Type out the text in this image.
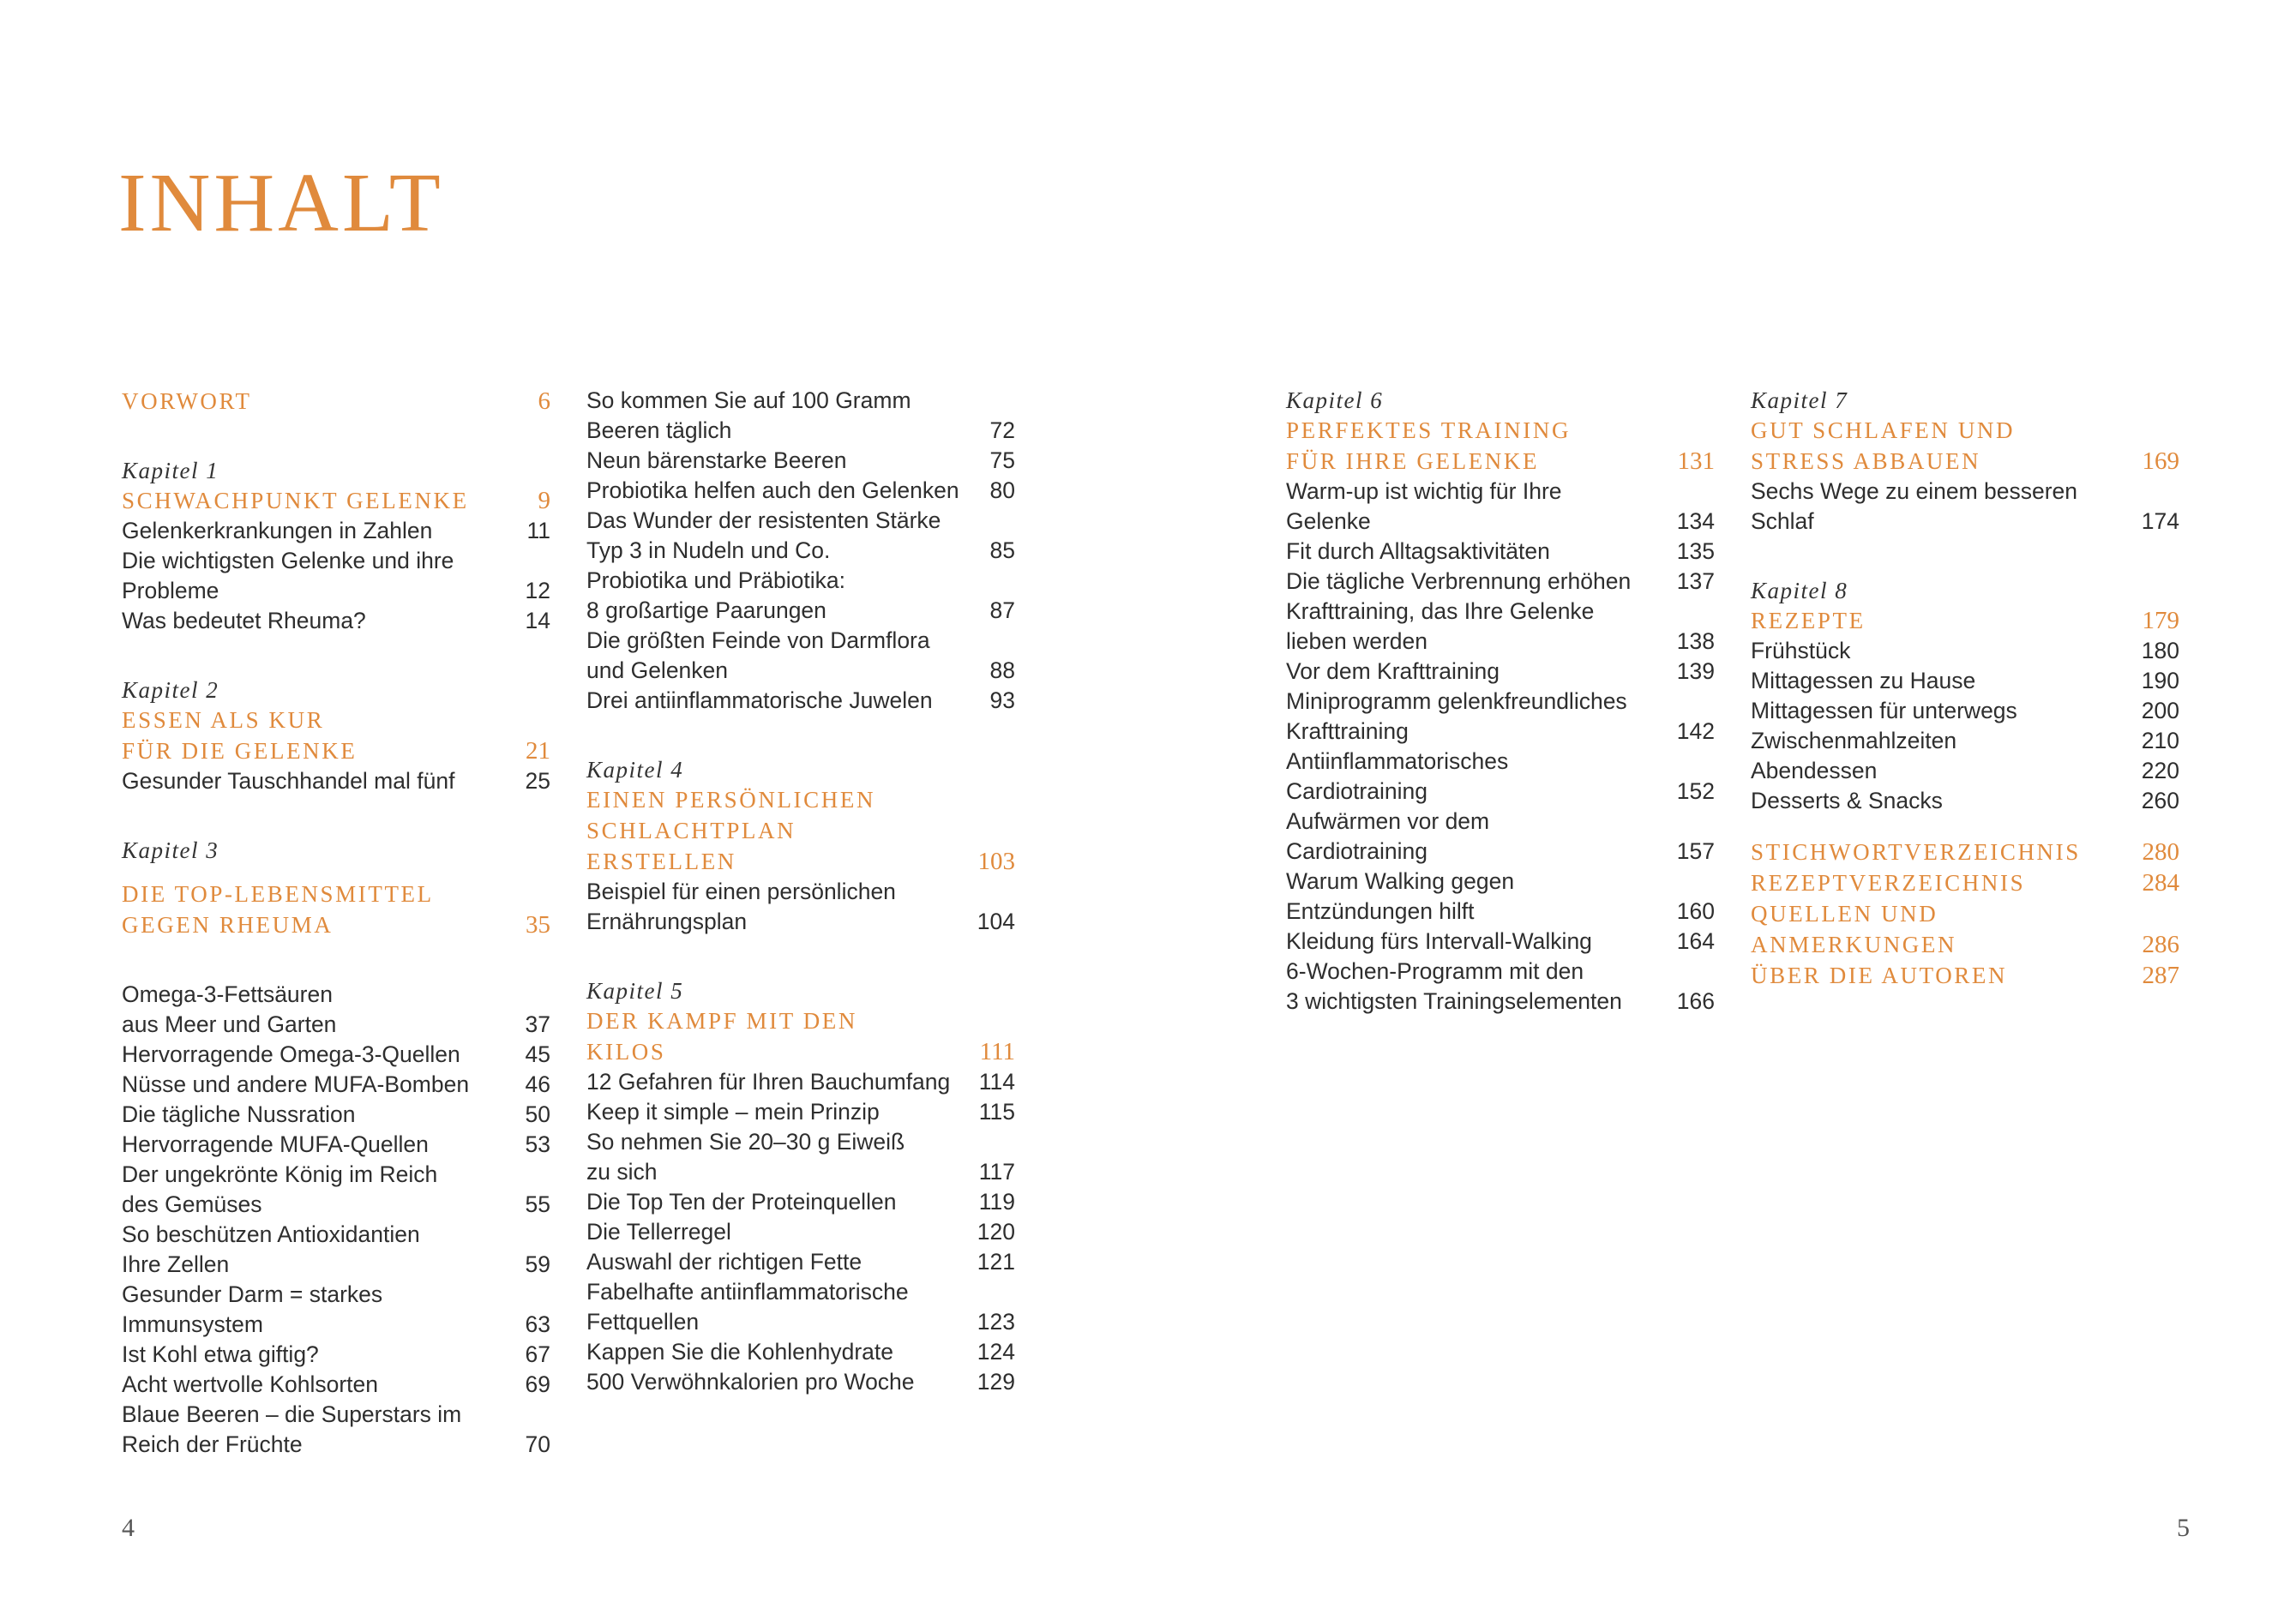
INHALT
VORWORT	6
Kapitel 1
SCHWACHPUNKT GELENKE	9
Gelenkerkrankungen in Zahlen	11
Die wichtigsten Gelenke und ihre
Probleme	12
Was bedeutet Rheuma?	14
Kapitel 2
ESSEN ALS KUR
FÜR DIE GELENKE	21
Gesunder Tauschhandel mal fünf	25
Kapitel 3
DIE TOP-LEBENSMITTEL
GEGEN RHEUMA	35
Omega-3-Fettsäuren
aus Meer und Garten	37
Hervorragende Omega-3-Quellen	45
Nüsse und andere MUFA-Bomben 46
Die tägliche Nussration	50
Hervorragende MUFA-Quellen	53
Der ungekrönte König im Reich
des Gemüses	55
So beschützen Antioxidantien
Ihre Zellen	59
Gesunder Darm = starkes
Immunsystem	63
Ist Kohl etwa giftig?	67
Acht wertvolle Kohlsorten	69
Blaue Beeren – die Superstars im
Reich der Früchte	70
So kommen Sie auf 100 Gramm
Beeren täglich	72
Neun bärenstarke Beeren	75
Probiotika helfen auch den Gelenken 80
Das Wunder der resistenten Stärke
Typ 3 in Nudeln und Co.	85
Probiotika und Präbiotika:
8 großartige Paarungen	87
Die größten Feinde von Darmflora
und Gelenken	88
Drei antiinflammatorische Juwelen	93
Kapitel 4
EINEN PERSÖNLICHEN
SCHLACHTPLAN
ERSTELLEN	103
Beispiel für einen persönlichen
Ernährungsplan	104
Kapitel 5
DER KAMPF MIT DEN
KILOS	111
12 Gefahren für Ihren Bauchumfang 114
Keep it simple – mein Prinzip	115
So nehmen Sie 20–30 g Eiweiß
zu sich	117
Die Top Ten der Proteinquellen	119
Die Tellerregel	120
Auswahl der richtigen Fette	121
Fabelhafte antiinflammatorische
Fettquellen	123
Kappen Sie die Kohlenhydrate	124
500 Verwöhnkalorien pro Woche	129
Kapitel 6
PERFEKTES TRAINING
FÜR IHRE GELENKE	131
Warm-up ist wichtig für Ihre
Gelenke	134
Fit durch Alltagsaktivitäten	135
Die tägliche Verbrennung erhöhen 137
Krafttraining, das Ihre Gelenke
lieben werden	138
Vor dem Krafttraining	139
Miniprogramm gelenkfreundliches
Krafttraining	142
Antiinflammatorisches
Cardiotraining	152
Aufwärmen vor dem
Cardiotraining	157
Warum Walking gegen
Entzündungen hilft	160
Kleidung fürs Intervall-Walking	164
6-Wochen-Programm mit den
3 wichtigsten Trainingselementen 166
Kapitel 7
GUT SCHLAFEN UND
STRESS ABBAUEN	169
Sechs Wege zu einem besseren
Schlaf	174
Kapitel 8
REZEPTE	179
Frühstück	180
Mittagessen zu Hause	190
Mittagessen für unterwegs	200
Zwischenmahlzeiten	210
Abendessen	220
Desserts & Snacks	260
STICHWORTVERZEICHNIS 280
REZEPTVERZEICHNIS	284
QUELLEN UND
ANMERKUNGEN	286
ÜBER DIE AUTOREN	287
4	5
